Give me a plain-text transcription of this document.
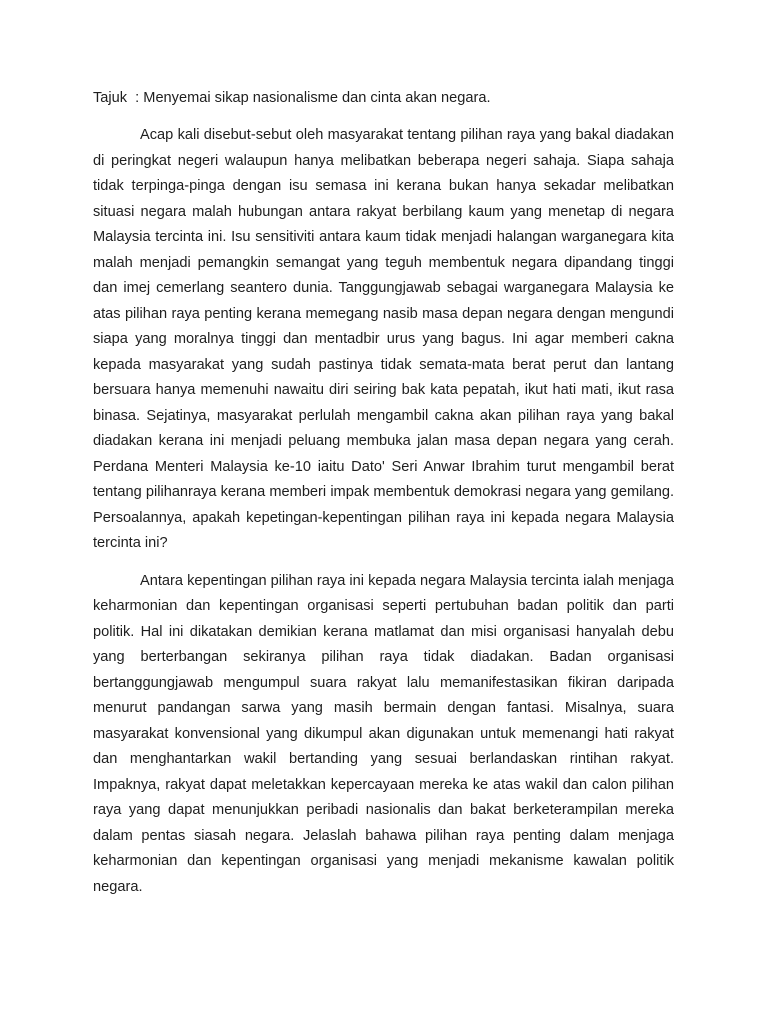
Tajuk  : Menyemai sikap nasionalisme dan cinta akan negara.

Acap kali disebut-sebut oleh masyarakat tentang pilihan raya yang bakal diadakan di peringkat negeri walaupun hanya melibatkan beberapa negeri sahaja. Siapa sahaja tidak terpinga-pinga dengan isu semasa ini kerana bukan hanya sekadar melibatkan situasi negara malah hubungan antara rakyat berbilang kaum yang menetap di negara Malaysia tercinta ini. Isu sensitiviti antara kaum tidak menjadi halangan warganegara kita malah menjadi pemangkin semangat yang teguh membentuk negara dipandang tinggi dan imej cemerlang seantero dunia. Tanggungjawab sebagai warganegara Malaysia ke atas pilihan raya penting kerana memegang nasib masa depan negara dengan mengundi siapa yang moralnya tinggi dan mentadbir urus yang bagus. Ini agar memberi cakna kepada masyarakat yang sudah pastinya tidak semata-mata berat perut dan lantang bersuara hanya memenuhi nawaitu diri seiring bak kata pepatah, ikut hati mati, ikut rasa binasa. Sejatinya, masyarakat perlulah mengambil cakna akan pilihan raya yang bakal diadakan kerana ini menjadi peluang membuka jalan masa depan negara yang cerah. Perdana Menteri Malaysia ke-10 iaitu Dato' Seri Anwar Ibrahim turut mengambil berat tentang pilihanraya kerana memberi impak membentuk demokrasi negara yang gemilang. Persoalannya, apakah kepetingan-kepentingan pilihan raya ini kepada negara Malaysia tercinta ini?

Antara kepentingan pilihan raya ini kepada negara Malaysia tercinta ialah menjaga keharmonian dan kepentingan organisasi seperti pertubuhan badan politik dan parti politik. Hal ini dikatakan demikian kerana matlamat dan misi organisasi hanyalah debu yang berterbangan sekiranya pilihan raya tidak diadakan. Badan organisasi bertanggungjawab mengumpul suara rakyat lalu memanifestasikan fikiran daripada menurut pandangan sarwa yang masih bermain dengan fantasi. Misalnya, suara masyarakat konvensional yang dikumpul akan digunakan untuk memenangi hati rakyat dan menghantarkan wakil bertanding yang sesuai berlandaskan rintihan rakyat. Impaknya, rakyat dapat meletakkan kepercayaan mereka ke atas wakil dan calon pilihan raya yang dapat menunjukkan peribadi nasionalis dan bakat berketerampilan mereka dalam pentas siasah negara. Jelaslah bahawa pilihan raya penting dalam menjaga keharmonian dan kepentingan organisasi yang menjadi mekanisme kawalan politik negara.
